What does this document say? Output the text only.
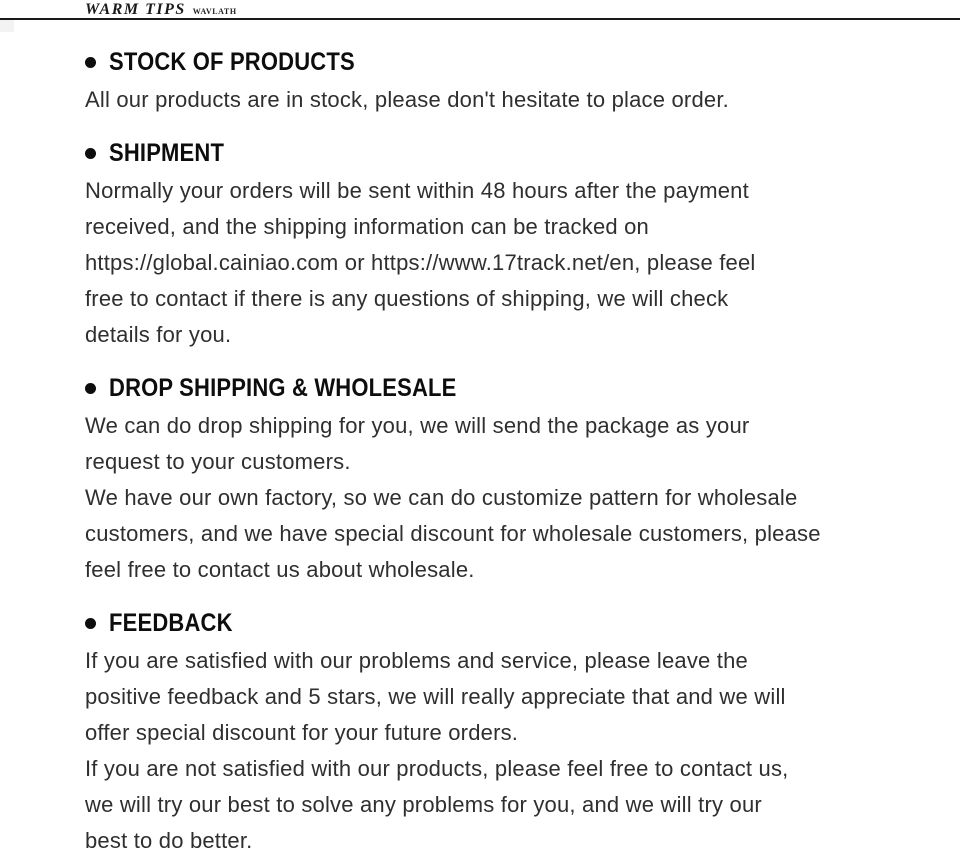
WARM TIPS WAVLATH
STOCK OF PRODUCTS
All our products are in stock, please don't hesitate to place order.
SHIPMENT
Normally your orders will be sent within 48 hours after the payment
received, and the shipping information can be tracked on
https://global.cainiao.com or https://www.17track.net/en, please feel
free to contact if there is any questions of shipping, we will check
details for you.
DROP SHIPPING & WHOLESALE
We can do drop shipping for you, we will send the package as your
request to your customers.
We have our own factory, so we can do customize pattern for wholesale
customers, and we have special discount for wholesale customers, please
feel free to contact us about wholesale.
FEEDBACK
If you are satisfied with our problems and service, please leave the
positive feedback and 5 stars, we will really appreciate that and we will
offer special discount for your future orders.
If you are not satisfied with our products, please feel free to contact us,
we will try our best to solve any problems for you, and we will try our
best to do better.
